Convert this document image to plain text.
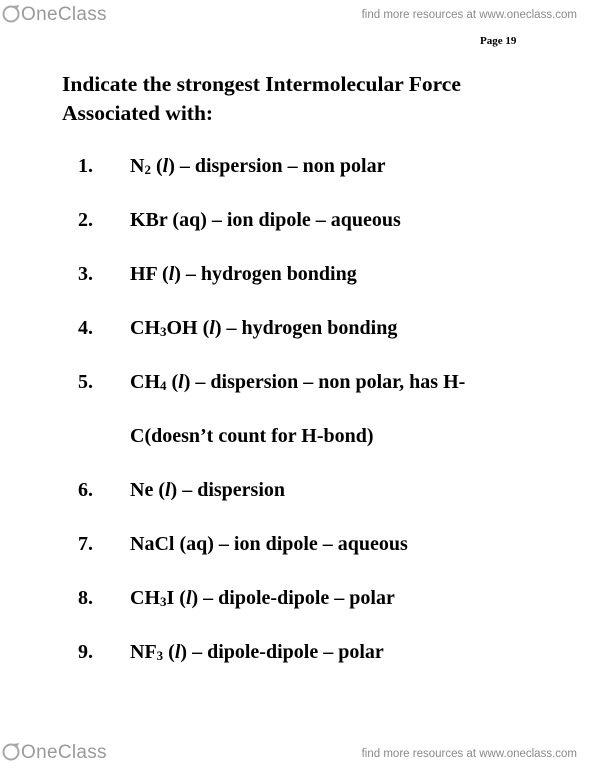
OneClass	find more resources at www.oneclass.com
Page 19
Indicate the strongest Intermolecular Force Associated with:
1. $N_2$ (l) – dispersion – non polar
2. KBr (aq) – ion dipole – aqueous
3. HF (l) – hydrogen bonding
4. $CH_3OH$ (l) – hydrogen bonding
5. $CH_4$ (l) – dispersion – non polar, has H-
C(doesn’t count for H-bond)
6. Ne (l) – dispersion
7. NaCl (aq) – ion dipole – aqueous
8. $CH_3I$ (l) – dipole-dipole – polar
9. $NF_3$ (l) – dipole-dipole – polar
OneClass	find more resources at www.oneclass.com
